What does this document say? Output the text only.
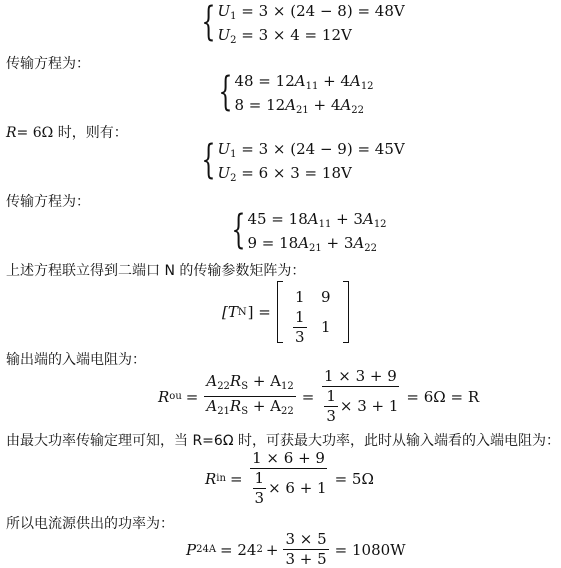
{ $U_1 = 3 \times (24 - 8) = 48V$
$U_2 = 3 \times 4 = 12V$
传输方程为：
{ $48 = 12A_{11} + 4A_{12}$
$8 = 12A_{21} + 4A_{22}$
R= 6Ω 时，则有：
{ $U_1 = 3 \times (24 - 9) = 45V$
$U_2 = 6 \times 3 = 18V$
传输方程为：
{ $45 = 18A_{11} + 3A_{12}$
$9 = 18A_{21} + 3A_{22}$
上述方程联立得到二端口 N 的传输参数矩阵为：
[T N ] =
1 9
$\frac{1}{3} 1$
输出端的入端电阻为：
R ou = $\frac{A_{22}R_S + A_{12}}{A_{21}R_S + A_{22}} = \frac{1 \times 3 + 9}{\frac{1}{3} \times 3 + 1} = 6\Omega = R$
由最大功率传输定理可知，当 R=6Ω 时，可获最大功率，此时从输入端看的入端电阻为：
R in = $\frac{1 \times 6 + 9}{\frac{1}{3} \times 6 + 1} = 5\Omega$
所以电流源供出的功率为：
P 24A = 24 $2 + \frac{3 \times 5}{3 + 5} = 1080W$
